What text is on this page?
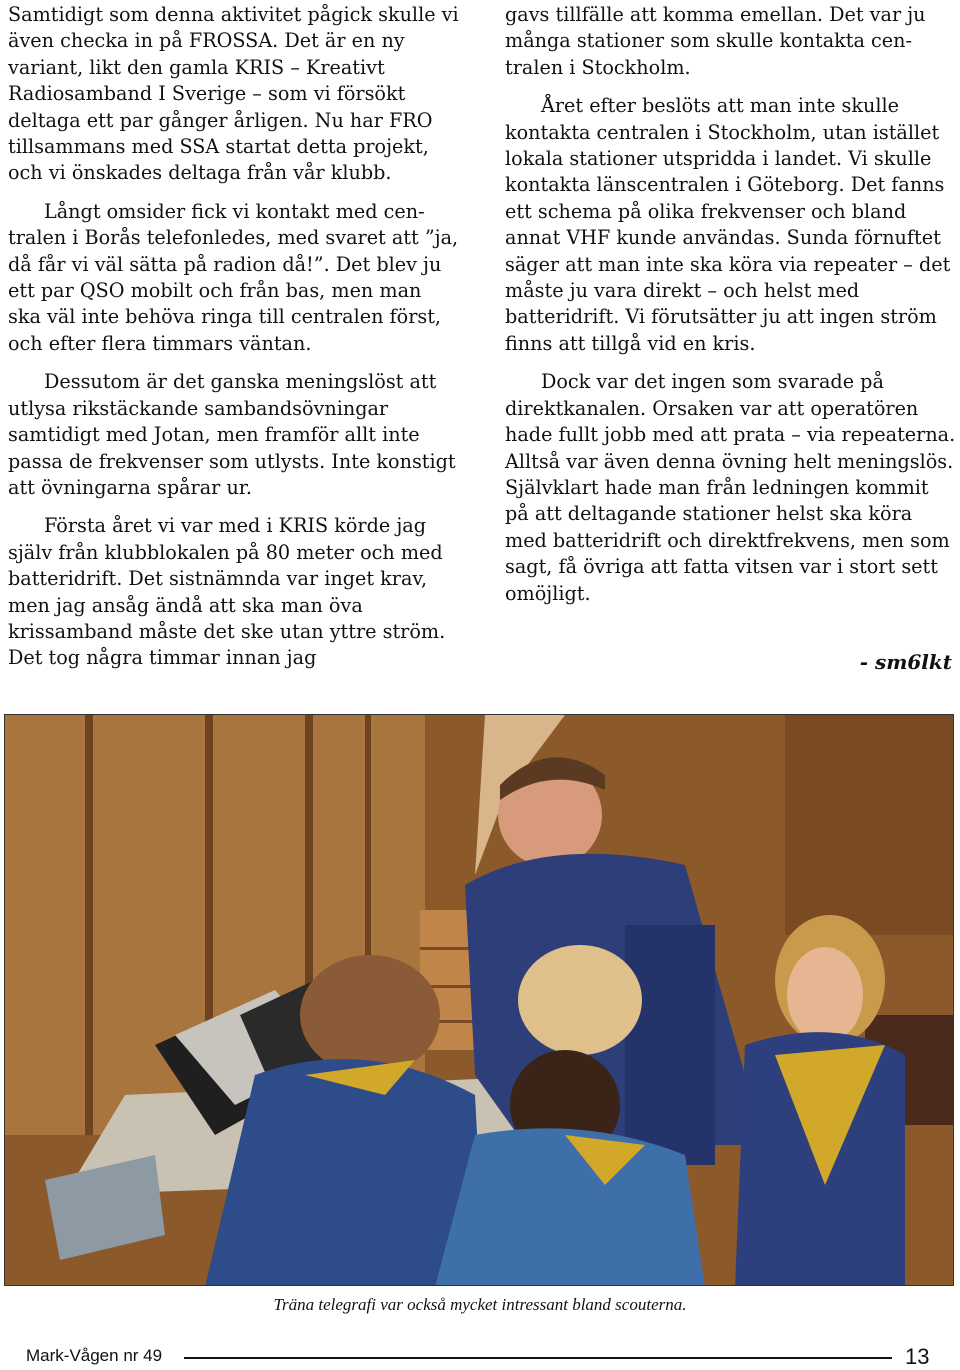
Samtidigt som denna aktivitet pågick skulle vi även checka in på FROSSA. Det är en ny variant, likt den gamla KRIS – Kreativt Radiosamband I Sverige – som vi försökt deltaga ett par gånger årligen. Nu har FRO tillsammans med SSA startat detta projekt, och vi önskades deltaga från vår klubb.

Långt omsider fick vi kontakt med centralen i Borås telefonledes, med svaret att ”ja, då får vi väl sätta på radion då!”. Det blev ju ett par QSO mobilt och från bas, men man ska väl inte behöva ringa till centralen först, och efter flera timmars väntan.

Dessutom är det ganska meningslöst att utlysa rikstäckande sambandsövningar samtidigt med Jotan, men framför allt inte passa de frekvenser som utlysts. Inte konstigt att övningarna spårar ur.

Första året vi var med i KRIS körde jag själv från klubblokalen på 80 meter och med batteridrift. Det sistnämnda var inget krav, men jag ansåg ändå att ska man öva krissamband måste det ske utan yttre ström. Det tog några timmar innan jag

gavs tillfälle att komma emellan. Det var ju många stationer som skulle kontakta centralen i Stockholm.

Året efter beslöts att man inte skulle kontakta centralen i Stockholm, utan istället lokala stationer utspridda i landet. Vi skulle kontakta länscentralen i Göteborg. Det fanns ett schema på olika frekvenser och bland annat VHF kunde användas. Sunda förnuftet säger att man inte ska köra via repeater – det måste ju vara direkt – och helst med batteridrift. Vi förutsätter ju att ingen ström finns att tillgå vid en kris.

Dock var det ingen som svarade på direktkanalen. Orsaken var att operatören hade fullt jobb med att prata – via repeaterna. Alltså var även denna övning helt meningslös. Självklart hade man från ledningen kommit på att deltagande stationer helst ska köra med batteridrift och direktfrekvens, men som sagt, få övriga att fatta vitsen var i stort sett omöjligt.

- sm6lkt
Träna telegrafi var också mycket intressant bland scouterna.
Mark-Vågen nr 49	13
